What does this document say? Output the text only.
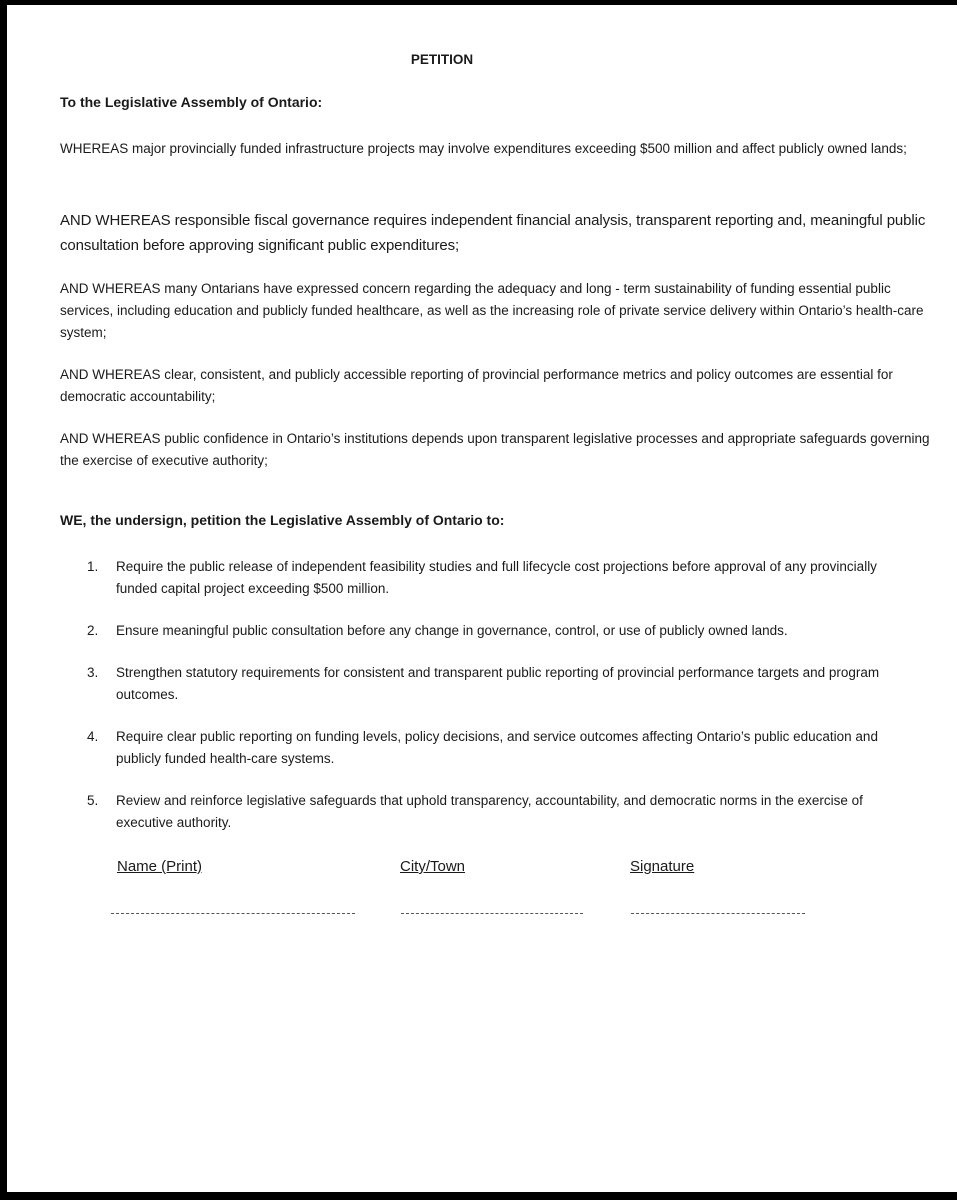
PETITION
To the Legislative Assembly of Ontario:
WHEREAS major provincially funded infrastructure projects may involve expenditures exceeding $500 million and affect publicly owned lands;
AND WHEREAS responsible fiscal governance requires independent financial analysis, transparent reporting and, meaningful public consultation before approving significant public expenditures;
AND WHEREAS many Ontarians have expressed concern regarding the adequacy and long - term sustainability of funding essential public services, including education and publicly funded healthcare, as well as the increasing role of private service delivery within Ontario’s health-care system;
AND WHEREAS clear, consistent, and publicly accessible reporting of provincial performance metrics and policy outcomes are essential for democratic accountability;
AND WHEREAS public confidence in Ontario’s institutions depends upon transparent legislative processes and appropriate safeguards governing the exercise of executive authority;
WE, the undersign, petition the Legislative Assembly of Ontario to:
1.	Require the public release of independent feasibility studies and full lifecycle cost projections before approval of any provincially funded capital project exceeding $500 million.
2.	Ensure meaningful public consultation before any change in governance, control, or use of publicly owned lands.
3.	Strengthen statutory requirements for consistent and transparent public reporting of provincial performance targets and program outcomes.
4.	Require clear public reporting on funding levels, policy decisions, and service outcomes affecting Ontario’s public education and publicly funded health-care systems.
5.	Review and reinforce legislative safeguards that uphold transparency, accountability, and democratic norms in the exercise of executive authority.
Name (Print)	City/Town	Signature
